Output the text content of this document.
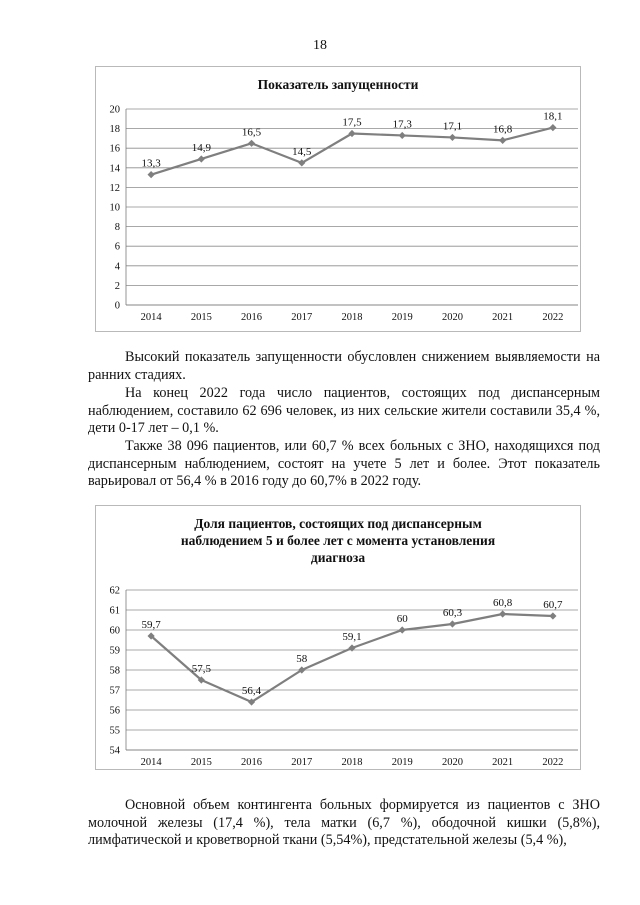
18
Показатель запущенности
0
2
4
6
8
10
12
14
16
18
20
2014	2015	2016	2017	2018	2019	2020	2021	2022
13,3
14,9
16,5
14,5
17,5	17,3	17,1	16,8
18,1

Высокий показатель запущенности обусловлен снижением выявляемости на ранних стадиях.

На конец 2022 года число пациентов, состоящих под диспансерным наблюдением, составило 62 696 человек, из них сельские жители составили 35,4 %, дети 0-17 лет – 0,1 %.

Также 38 096 пациентов, или 60,7 % всех больных с ЗНО, находящихся под диспансерным наблюдением, состоят на учете 5 лет и более. Этот показатель варьировал от 56,4 % в 2016 году до 60,7% в 2022 году.

Доля пациентов, состоящих под диспансерным
наблюдением 5 и более лет с момента установления
диагноза
54
55
56
57
58
59
60
61
62
2014	2015	2016	2017	2018	2019	2020	2021	2022
59,7
57,5
56,4
58
59,1
60	60,3
60,8	60,7

Основной объем контингента больных формируется из пациентов с ЗНО молочной железы (17,4 %), тела матки (6,7 %), ободочной кишки (5,8%), лимфатической и кроветворной ткани (5,54%), предстательной железы (5,4 %),
